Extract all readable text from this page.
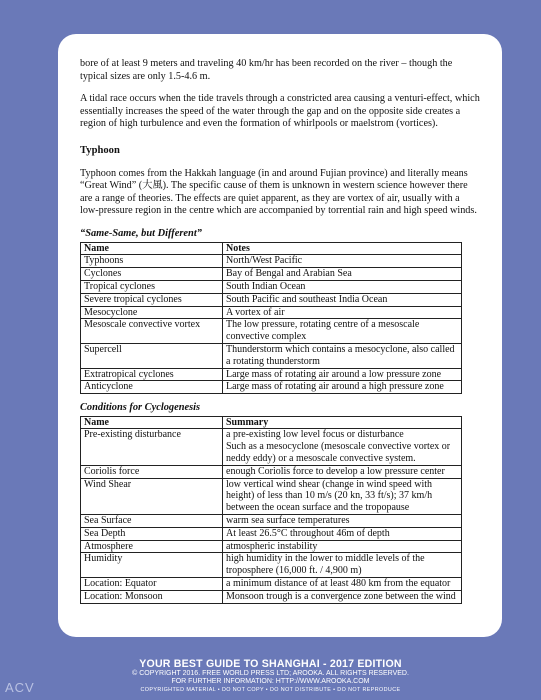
bore of at least 9 meters and traveling 40 km/hr has been recorded on the river – though the typical sizes are only 1.5-4.6 m.

A tidal race occurs when the tide travels through a constricted area causing a venturi-effect, which essentially increases the speed of the water through the gap and on the opposite side creates a region of high turbulence and even the formation of whirlpools or maelstrom (vortices).

Typhoon

Typhoon comes from the Hakkah language (in and around Fujian province) and literally means “Great Wind” (大風). The specific cause of them is unknown in western science however there are a range of theories. The effects are quiet apparent, as they are vortex of air, usually with a low-pressure region in the centre which are accompanied by torrential rain and high speed winds.

“Same-Same, but Different”
Name	Notes
Typhoons	North/West Pacific
Cyclones	Bay of Bengal and Arabian Sea
Tropical cyclones	South Indian Ocean
Severe tropical cyclones	South Pacific and southeast India Ocean
Mesocyclone	A vortex of air
Mesoscale convective vortex	The low pressure, rotating centre of a mesoscale convective complex
Supercell	Thunderstorm which contains a mesocyclone, also called a rotating thunderstorm
Extratropical cyclones	Large mass of rotating air around a low pressure zone
Anticyclone	Large mass of rotating air around a high pressure zone
Conditions for Cyclogenesis
Name	Summary
Pre-existing disturbance	a pre-existing low level focus or disturbance
Such as a mesocyclone (mesoscale convective vortex or neddy eddy) or a mesoscale convective system.
Coriolis force	enough Coriolis force to develop a low pressure center
Wind Shear	low vertical wind shear (change in wind speed with height) of less than 10 m/s (20 kn, 33 ft/s); 37 km/h between the ocean surface and the tropopause
Sea Surface	warm sea surface temperatures
Sea Depth	At least 26.5°C throughout 46m of depth
Atmosphere	atmospheric instability
Humidity	high humidity in the lower to middle levels of the troposphere (16,000 ft. / 4,900 m)
Location: Equator	a minimum distance of at least 480 km from the equator
Location: Monsoon	Monsoon trough is a convergence zone between the wind
YOUR BEST GUIDE TO SHANGHAI - 2017 EDITION
© COPYRIGHT 2016. FREE WORLD PRESS LTD; AROOKA. ALL RIGHTS RESERVED.
FOR FURTHER INFORMATION: HTTP://WWW.AROOKA.COM
COPYRIGHTED MATERIAL • DO NOT COPY • DO NOT DISTRIBUTE • DO NOT REPRODUCE
ACV
